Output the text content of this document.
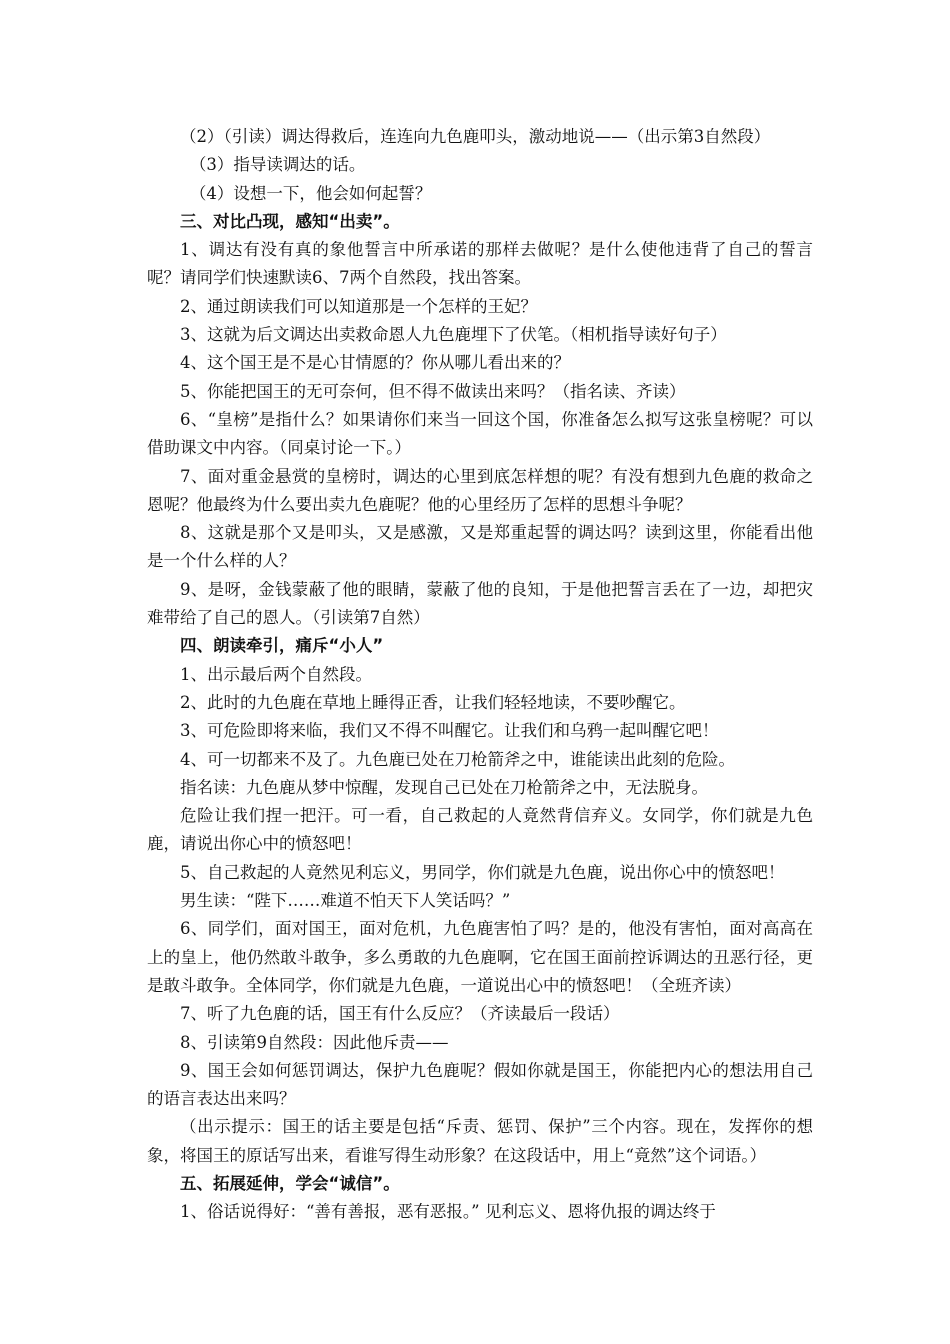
（2）（引读）调达得救后，连连向九色鹿叩头，激动地说——（出示第3自然段）

（3）指导读调达的话。

（4）设想一下，他会如何起誓？

三、对比凸现，感知“出卖”。

1、调达有没有真的象他誓言中所承诺的那样去做呢？是什么使他违背了自己的誓言呢？请同学们快速默读6、7两个自然段，找出答案。

2、通过朗读我们可以知道那是一个怎样的王妃？

3、这就为后文调达出卖救命恩人九色鹿埋下了伏笔。（相机指导读好句子）

4、这个国王是不是心甘情愿的？你从哪儿看出来的？

5、你能把国王的无可奈何，但不得不做读出来吗？（指名读、齐读）

6、“皇榜”是指什么？如果请你们来当一回这个国，你准备怎么拟写这张皇榜呢？可以借助课文中内容。（同桌讨论一下。）

7、面对重金悬赏的皇榜时，调达的心里到底怎样想的呢？有没有想到九色鹿的救命之恩呢？他最终为什么要出卖九色鹿呢？他的心里经历了怎样的思想斗争呢？

8、这就是那个又是叩头，又是感激，又是郑重起誓的调达吗？读到这里，你能看出他是一个什么样的人？

9、是呀，金钱蒙蔽了他的眼睛，蒙蔽了他的良知，于是他把誓言丢在了一边，却把灾难带给了自己的恩人。（引读第7自然）

四、朗读牵引，痛斥“小人”

1、出示最后两个自然段。

2、此时的九色鹿在草地上睡得正香，让我们轻轻地读，不要吵醒它。

3、可危险即将来临，我们又不得不叫醒它。让我们和乌鸦一起叫醒它吧！

4、可一切都来不及了。九色鹿已处在刀枪箭斧之中，谁能读出此刻的危险。

指名读：九色鹿从梦中惊醒，发现自己已处在刀枪箭斧之中，无法脱身。

危险让我们捏一把汗。可一看，自己救起的人竟然背信弃义。女同学，你们就是九色鹿，请说出你心中的愤怒吧！

5、自己救起的人竟然见利忘义，男同学，你们就是九色鹿，说出你心中的愤怒吧！

男生读：“陛下……难道不怕天下人笑话吗？”

6、同学们，面对国王，面对危机，九色鹿害怕了吗？是的，他没有害怕，面对高高在上的皇上，他仍然敢斗敢争，多么勇敢的九色鹿啊，它在国王面前控诉调达的丑恶行径，更是敢斗敢争。全体同学，你们就是九色鹿，一道说出心中的愤怒吧！（全班齐读）

7、听了九色鹿的话，国王有什么反应？（齐读最后一段话）

8、引读第9自然段：因此他斥责——

9、国王会如何惩罚调达，保护九色鹿呢？假如你就是国王，你能把内心的想法用自己的语言表达出来吗？

（出示提示：国王的话主要是包括“斥责、惩罚、保护”三个内容。现在，发挥你的想象，将国王的原话写出来，看谁写得生动形象？在这段话中，用上“竟然”这个词语。）

五、拓展延伸，学会“诚信”。

1、俗话说得好：“善有善报，恶有恶报。” 见利忘义、恩将仇报的调达终于
